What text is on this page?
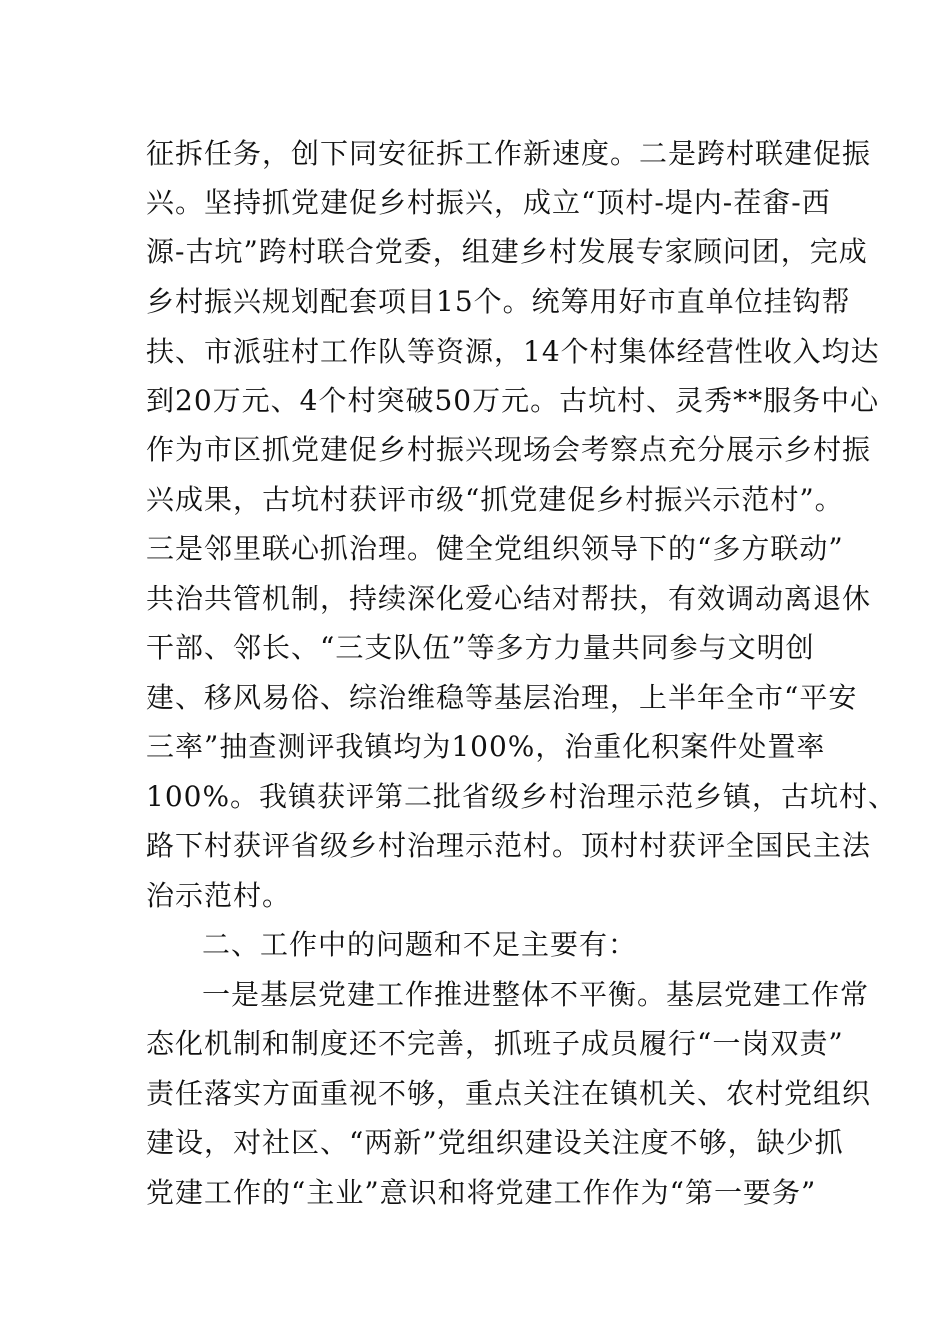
征拆任务，创下同安征拆工作新速度。二是跨村联建促振
兴。坚持抓党建促乡村振兴，成立“顶村-堤内-茬畬-西
源-古坑”跨村联合党委，组建乡村发展专家顾问团，完成
乡村振兴规划配套项目15个。统筹用好市直单位挂钩帮
扶、市派驻村工作队等资源，14个村集体经营性收入均达
到20万元、4个村突破50万元。古坑村、灵秀**服务中心
作为市区抓党建促乡村振兴现场会考察点充分展示乡村振
兴成果，古坑村获评市级“抓党建促乡村振兴示范村”。
三是邻里联心抓治理。健全党组织领导下的“多方联动”
共治共管机制，持续深化爱心结对帮扶，有效调动离退休
干部、邻长、“三支队伍”等多方力量共同参与文明创
建、移风易俗、综治维稳等基层治理，上半年全市“平安
三率”抽查测评我镇均为100%，治重化积案件处置率
100%。我镇获评第二批省级乡村治理示范乡镇，古坑村、
路下村获评省级乡村治理示范村。顶村村获评全国民主法
治示范村。
二、工作中的问题和不足主要有：
一是基层党建工作推进整体不平衡。基层党建工作常
态化机制和制度还不完善，抓班子成员履行“一岗双责”
责任落实方面重视不够，重点关注在镇机关、农村党组织
建设，对社区、“两新”党组织建设关注度不够，缺少抓
党建工作的“主业”意识和将党建工作作为“第一要务”
